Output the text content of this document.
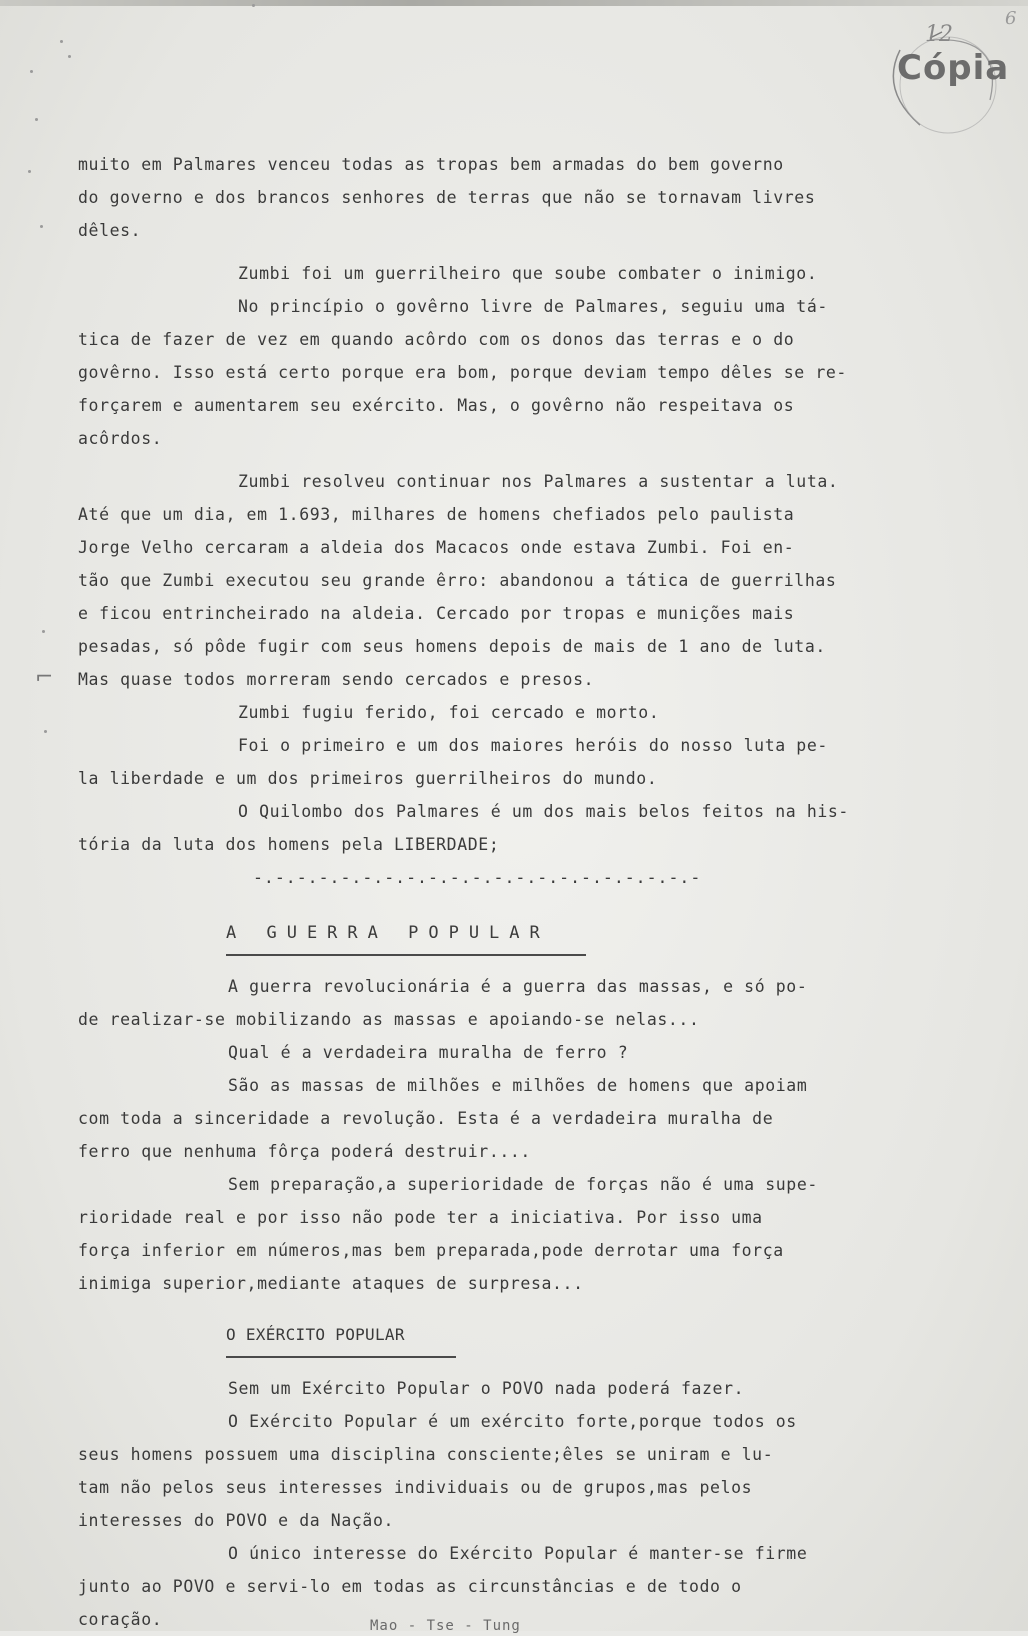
Cópia
12
6
⌐

muito em Palmares venceu todas as tropas bem armadas do bem governo

do governo e dos brancos senhores de terras que não se tornavam livres

dêles.

Zumbi foi um guerrilheiro que soube combater o inimigo.

No princípio o govêrno livre de Palmares, seguiu uma tá-

tica de fazer de vez em quando acôrdo com os donos das terras e o do

govêrno. Isso está certo porque era bom, porque deviam tempo dêles se re-

forçarem e aumentarem seu exército. Mas, o govêrno não respeitava os

acôrdos.

Zumbi resolveu continuar nos Palmares a sustentar a luta.

Até que um dia, em 1.693, milhares de homens chefiados pelo paulista

Jorge Velho cercaram a aldeia dos Macacos onde estava Zumbi. Foi en-

tão que Zumbi executou seu grande êrro: abandonou a tática de guerrilhas

e ficou entrincheirado na aldeia. Cercado por tropas e munições mais

pesadas, só pôde fugir com seus homens depois de mais de 1 ano de luta.

Mas quase todos morreram sendo cercados e presos.

Zumbi fugiu ferido, foi cercado e morto.

Foi o primeiro e um dos maiores heróis do nosso luta pe-

la liberdade e um dos primeiros guerrilheiros do mundo.

O Quilombo dos Palmares é um dos mais belos feitos na his-

tória da luta dos homens pela LIBERDADE;

-.-.-.-.-.-.-.-.-.-.-.-.-.-.-.-.-.-.-.-.-

A GUERRA POPULAR

A guerra revolucionária é a guerra das massas, e só po-

de realizar-se mobilizando as massas e apoiando-se nelas...

Qual é a verdadeira muralha de ferro ?

São as massas de milhões e milhões de homens que apoiam

com toda a sinceridade a revolução. Esta é a verdadeira muralha de

ferro que nenhuma fôrça poderá destruir....

Sem preparação,a superioridade de forças não é uma supe-

rioridade real e por isso não pode ter a iniciativa. Por isso uma

força inferior em números,mas bem preparada,pode derrotar uma força

inimiga superior,mediante ataques de surpresa...

O EXÉRCITO POPULAR

Sem um Exército Popular o POVO nada poderá fazer.

O Exército Popular é um exército forte,porque todos os

seus homens possuem uma disciplina consciente;êles se uniram e lu-

tam não pelos seus interesses individuais ou de grupos,mas pelos

interesses do POVO e da Nação.

O único interesse do Exército Popular é manter-se firme

junto ao POVO e servi-lo em todas as circunstâncias e de todo o

coração.	Mao - Tse - Tung
